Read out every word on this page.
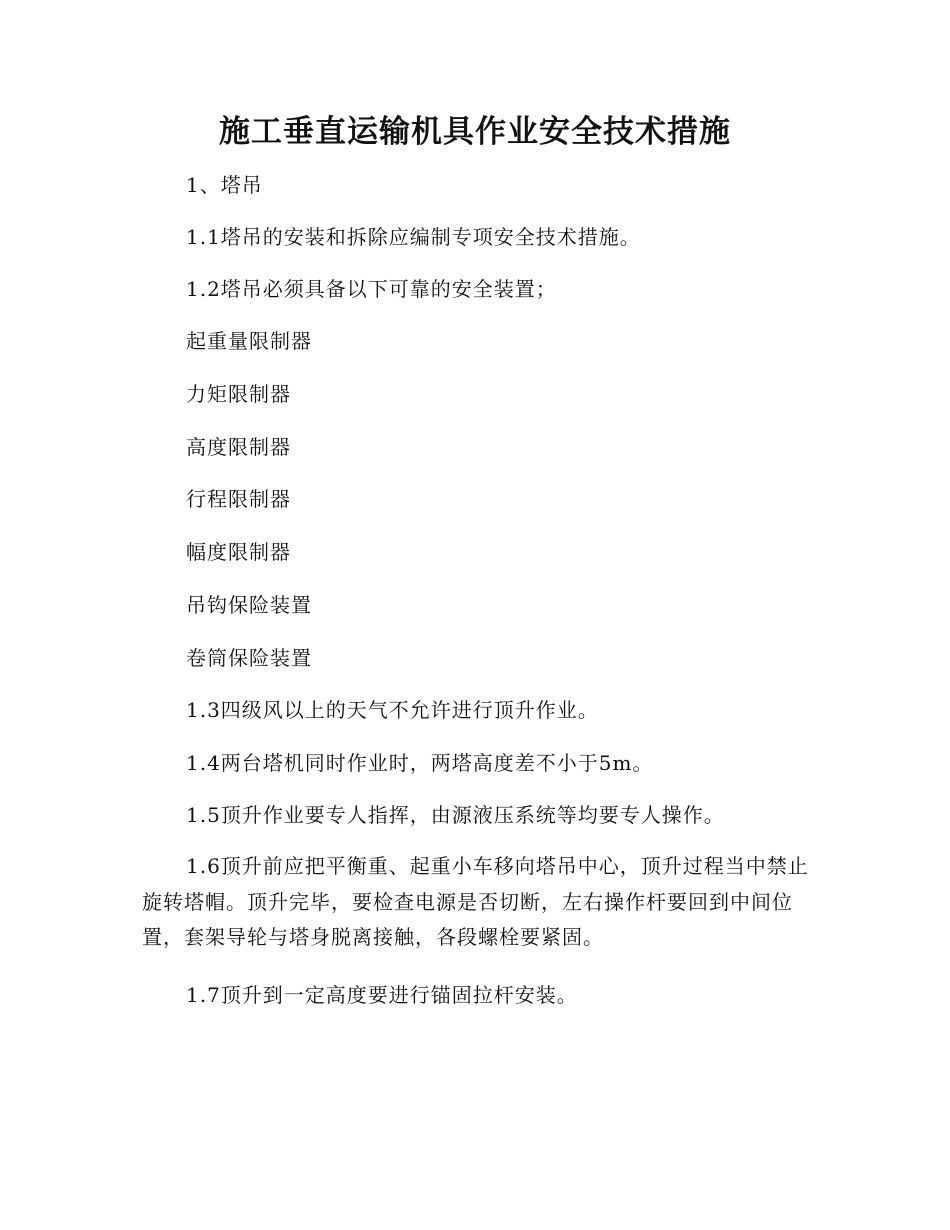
施工垂直运输机具作业安全技术措施

1、塔吊

1.1塔吊的安装和拆除应编制专项安全技术措施。

1.2塔吊必须具备以下可靠的安全装置；

起重量限制器

力矩限制器

高度限制器

行程限制器

幅度限制器

吊钩保险装置

卷筒保险装置

1.3四级风以上的天气不允许进行顶升作业。

1.4两台塔机同时作业时，两塔高度差不小于5m。

1.5顶升作业要专人指挥，由源液压系统等均要专人操作。

1.6顶升前应把平衡重、起重小车移向塔吊中心，顶升过程当中禁止旋转塔帽。顶升完毕，要检查电源是否切断，左右操作杆要回到中间位置，套架导轮与塔身脱离接触，各段螺栓要紧固。

1.7顶升到一定高度要进行锚固拉杆安装。
